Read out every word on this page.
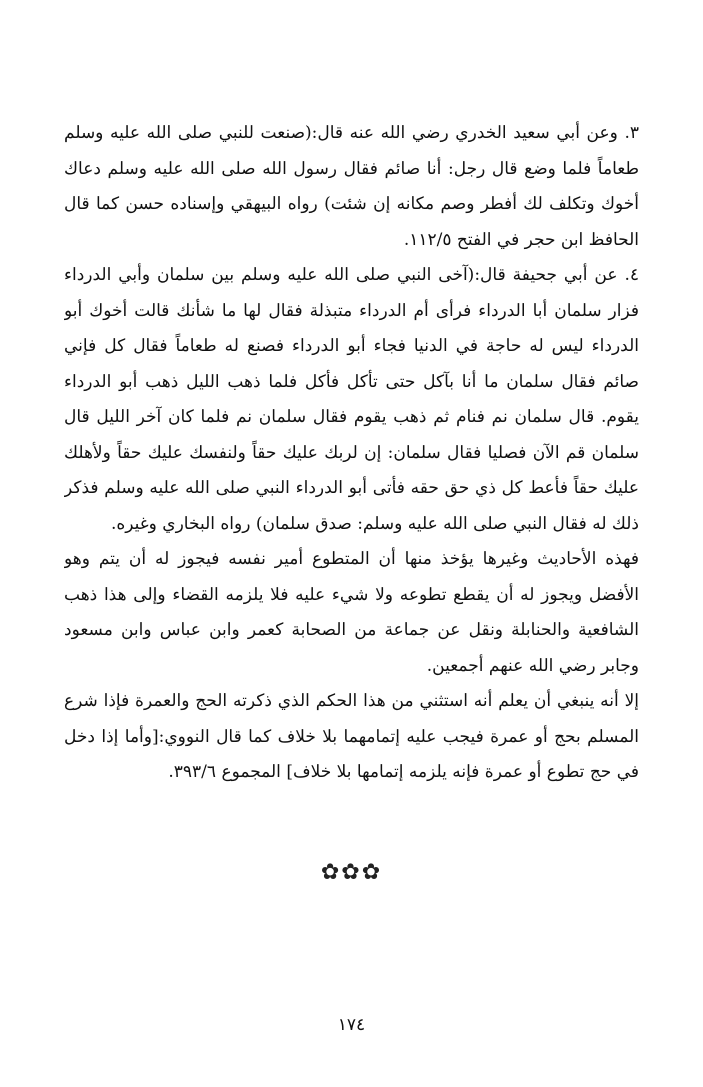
٣. وعن أبي سعيد الخدري رضي الله عنه قال:(صنعت للنبي صلى الله عليه وسلم
طعاماً فلما وضع قال رجل: أنا صائم فقال رسول الله صلى الله عليه وسلم دعاك
أخوك وتكلف لك أفطر وصم مكانه إن شئت) رواه البيهقي وإسناده حسن كما قال
الحافظ ابن حجر في الفتح ١١٢/٥.
٤. عن أبي جحيفة قال:(آخى النبي صلى الله عليه وسلم بين سلمان وأبي الدرداء
فزار سلمان أبا الدرداء فرأى أم الدرداء متبذلة فقال لها ما شأنك قالت أخوك أبو
الدرداء ليس له حاجة في الدنيا فجاء أبو الدرداء فصنع له طعاماً فقال كل فإني
صائم فقال سلمان ما أنا بآكل حتى تأكل فأكل فلما ذهب الليل ذهب أبو الدرداء
يقوم. قال سلمان نم فنام ثم ذهب يقوم فقال سلمان نم فلما كان آخر الليل قال
سلمان قم الآن فصليا فقال سلمان: إن لربك عليك حقاً ولنفسك عليك حقاً ولأهلك
عليك حقاً فأعط كل ذي حق حقه فأتى أبو الدرداء النبي صلى الله عليه وسلم فذكر
ذلك له فقال النبي صلى الله عليه وسلم: صدق سلمان) رواه البخاري وغيره.
فهذه الأحاديث وغيرها يؤخذ منها أن المتطوع أمير نفسه فيجوز له أن يتم وهو
الأفضل ويجوز له أن يقطع تطوعه ولا شيء عليه فلا يلزمه القضاء وإلى هذا ذهب
الشافعية والحنابلة ونقل عن جماعة من الصحابة كعمر وابن عباس وابن مسعود
وجابر رضي الله عنهم أجمعين.
إلا أنه ينبغي أن يعلم أنه استثني من هذا الحكم الذي ذكرته الحج والعمرة فإذا شرع
المسلم بحج أو عمرة فيجب عليه إتمامهما بلا خلاف كما قال النووي:[وأما إذا دخل
في حج تطوع أو عمرة فإنه يلزمه إتمامها بلا خلاف] المجموع ٣٩٣/٦.
✿✿✿
١٧٤
